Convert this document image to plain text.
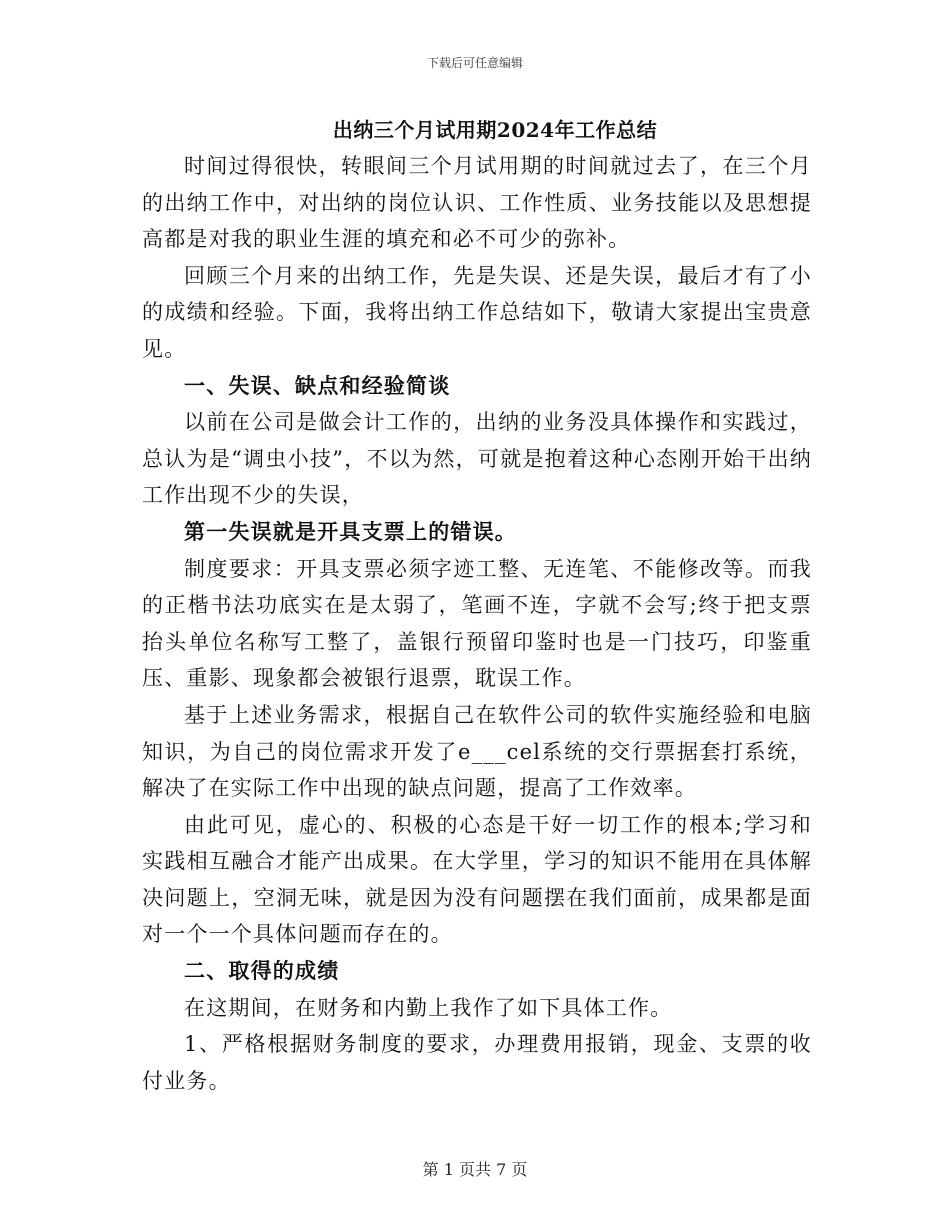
下载后可任意编辑
出纳三个月试用期2024年工作总结

时间过得很快，转眼间三个月试用期的时间就过去了，在三个月的出纳工作中，对出纳的岗位认识、工作性质、业务技能以及思想提高都是对我的职业生涯的填充和必不可少的弥补。

回顾三个月来的出纳工作，先是失误、还是失误，最后才有了小的成绩和经验。下面，我将出纳工作总结如下，敬请大家提出宝贵意见。

一、失误、缺点和经验简谈

以前在公司是做会计工作的，出纳的业务没具体操作和实践过，总认为是“调虫小技”，不以为然，可就是抱着这种心态刚开始干出纳工作出现不少的失误，

第一失误就是开具支票上的错误。

制度要求：开具支票必须字迹工整、无连笔、不能修改等。而我的正楷书法功底实在是太弱了，笔画不连，字就不会写;终于把支票抬头单位名称写工整了，盖银行预留印鉴时也是一门技巧，印鉴重压、重影、现象都会被银行退票，耽误工作。

基于上述业务需求，根据自己在软件公司的软件实施经验和电脑知识，为自己的岗位需求开发了e___cel系统的交行票据套打系统，解决了在实际工作中出现的缺点问题，提高了工作效率。

由此可见，虚心的、积极的心态是干好一切工作的根本;学习和实践相互融合才能产出成果。在大学里，学习的知识不能用在具体解决问题上，空洞无味，就是因为没有问题摆在我们面前，成果都是面对一个一个具体问题而存在的。

二、取得的成绩

在这期间，在财务和内勤上我作了如下具体工作。

1、严格根据财务制度的要求，办理费用报销，现金、支票的收付业务。

第 1 页共 7 页
